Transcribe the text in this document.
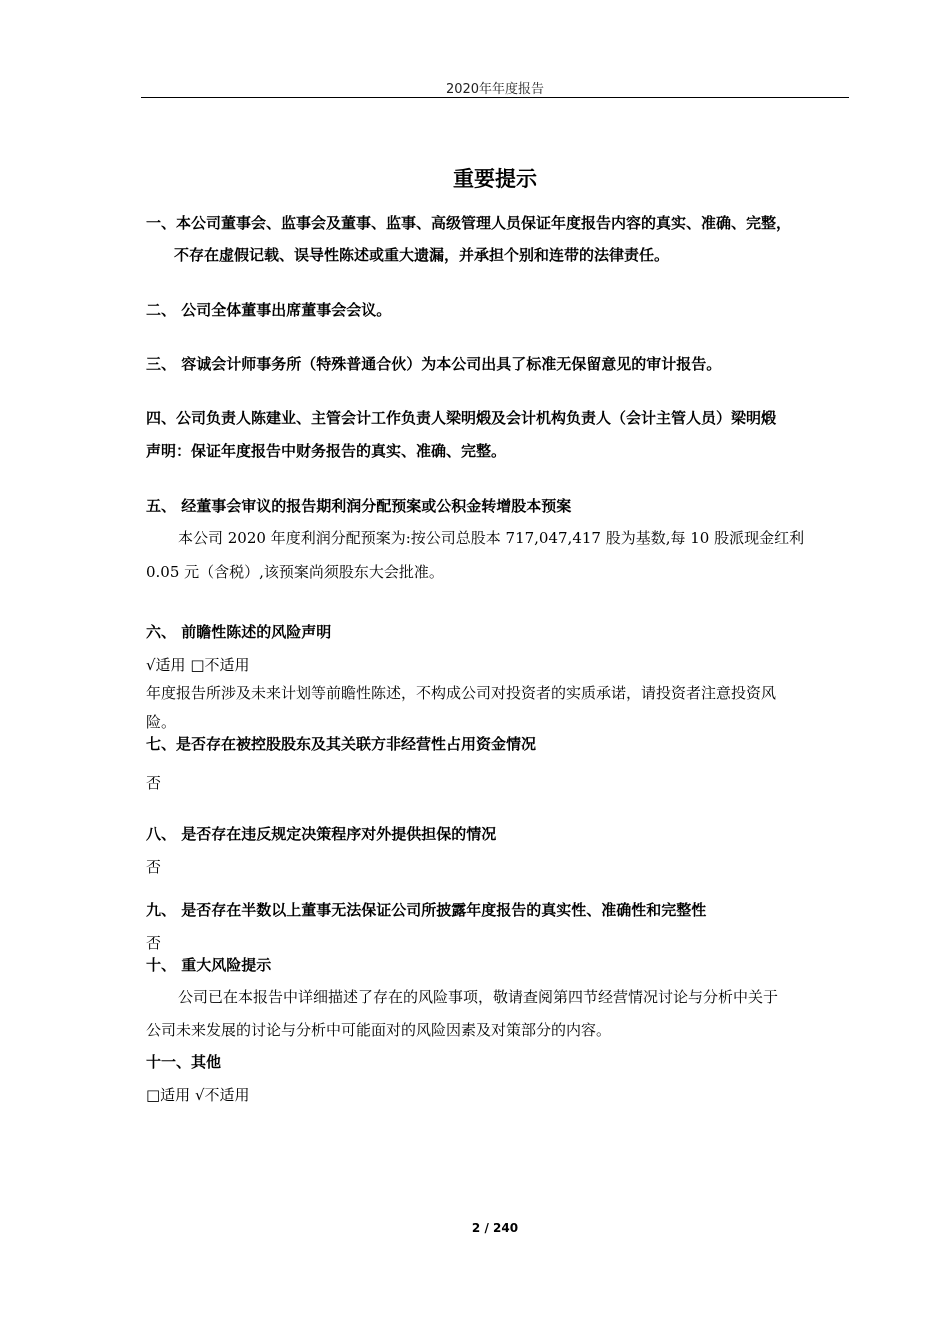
2020年年度报告
重要提示
一、本公司董事会、监事会及董事、监事、高级管理人员保证年度报告内容的真实、准确、完整，
不存在虚假记载、误导性陈述或重大遗漏，并承担个别和连带的法律责任。
二、 公司全体董事出席董事会会议。
三、 容诚会计师事务所（特殊普通合伙）为本公司出具了标准无保留意见的审计报告。
四、公司负责人陈建业、主管会计工作负责人梁明煅及会计机构负责人（会计主管人员）梁明煅
声明：保证年度报告中财务报告的真实、准确、完整。
五、 经董事会审议的报告期利润分配预案或公积金转增股本预案
本公司 2020 年度利润分配预案为:按公司总股本 717,047,417 股为基数,每 10 股派现金红利
0.05 元（含税）,该预案尚须股东大会批准。
六、 前瞻性陈述的风险声明
√适用 □不适用
年度报告所涉及未来计划等前瞻性陈述，不构成公司对投资者的实质承诺，请投资者注意投资风
险。
七、是否存在被控股股东及其关联方非经营性占用资金情况
否
八、 是否存在违反规定决策程序对外提供担保的情况
否
九、 是否存在半数以上董事无法保证公司所披露年度报告的真实性、准确性和完整性
否
十、 重大风险提示
公司已在本报告中详细描述了存在的风险事项，敬请查阅第四节经营情况讨论与分析中关于
公司未来发展的讨论与分析中可能面对的风险因素及对策部分的内容。
十一、其他
□适用 √不适用
2 / 240
